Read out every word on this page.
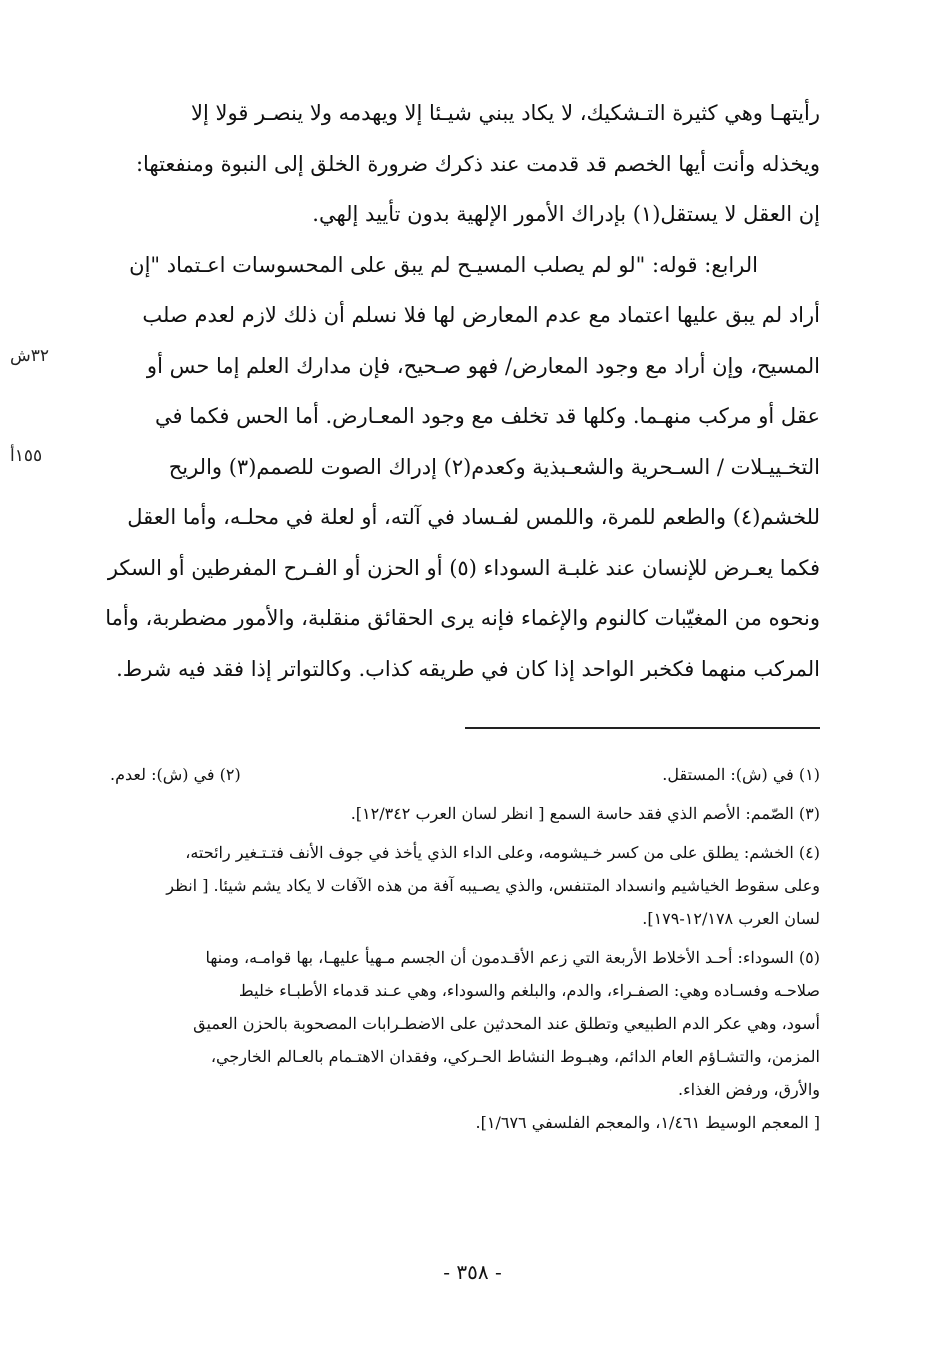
رأيتهـا وهي كثيرة التـشكيك، لا يكاد يبني شيـئا إلا ويهدمه ولا ينصـر قولا إلا
ويخذله وأنت أيها الخصم قد قدمت عند ذكرك ضرورة الخلق إلى النبوة ومنفعتها:
إن العقل لا يستقل(١) بإدراك الأمور الإلهية بدون تأييد إلهي.
الرابع: قوله: "لو لم يصلب المسيـح لم يبق على المحسوسات اعـتماد "إن
أراد لم يبق عليها اعتماد مع عدم المعارض لها فلا نسلم أن ذلك لازم لعدم صلب
المسيح، وإن أراد مع وجود المعارض/ فهو صـحيح، فإن مدارك العلم إما حس أو
عقل أو مركب منهـما. وكلها قد تخلف مع وجود المعـارض. أما الحس فكما في
التخـييـلات / السـحرية والشعـبذية وكعدم(٢) إدراك الصوت للصمم(٣) والريح
للخشم(٤) والطعم للمرة، واللمس لفـساد في آلته، أو لعلة في محلـه، وأما العقل
فكما يعـرض للإنسان عند غلبـة السوداء (٥) أو الحزن أو الفـرح المفرطين أو السكر
ونحوه من المغيّبات كالنوم والإغماء فإنه يرى الحقائق منقلبة، والأمور مضطربة، وأما
المركب منهما فكخبر الواحد إذا كان في طريقه كذاب. وكالتواتر إذا فقد فيه شرط.
٣٢ش
١٥٥أ
(١) في (ش): المستقل.
(٢) في (ش): لعدم.
(٣) الصّمم: الأصم الذي فقد حاسة السمع [ انظر لسان العرب ١٢/٣٤٢].
(٤) الخشم: يطلق على من كسر خـيشومه، وعلى الداء الذي يأخذ في جوف الأنف فتـتـغير رائحته،
وعلى سقوط الخياشيم وانسداد المتنفس، والذي يصـيبه آفة من هذه الآفات لا يكاد يشم شيئا. [ انظر
لسان العرب ١٢/١٧٨-١٧٩].
(٥) السوداء: أحـد الأخلاط الأربعة التي زعم الأقـدمون أن الجسم مـهيأ عليهـا، بها قوامـه، ومنها
صلاحـه وفسـاده وهي: الصفـراء، والدم، والبلغم والسوداء، وهي عـند قدماء الأطبـاء خليط
أسود، وهي عكر الدم الطبيعي وتطلق عند المحدثين على الاضطـرابات المصحوبة بالحزن العميق
المزمن، والتشـاؤم العام الدائم، وهبـوط النشاط الحـركي، وفقدان الاهتـمام بالعـالم الخارجي،
والأرق، ورفض الغذاء.
[ المعجم الوسيط ١/٤٦١، والمعجم الفلسفي ١/٦٧٦].
- ٣٥٨ -
